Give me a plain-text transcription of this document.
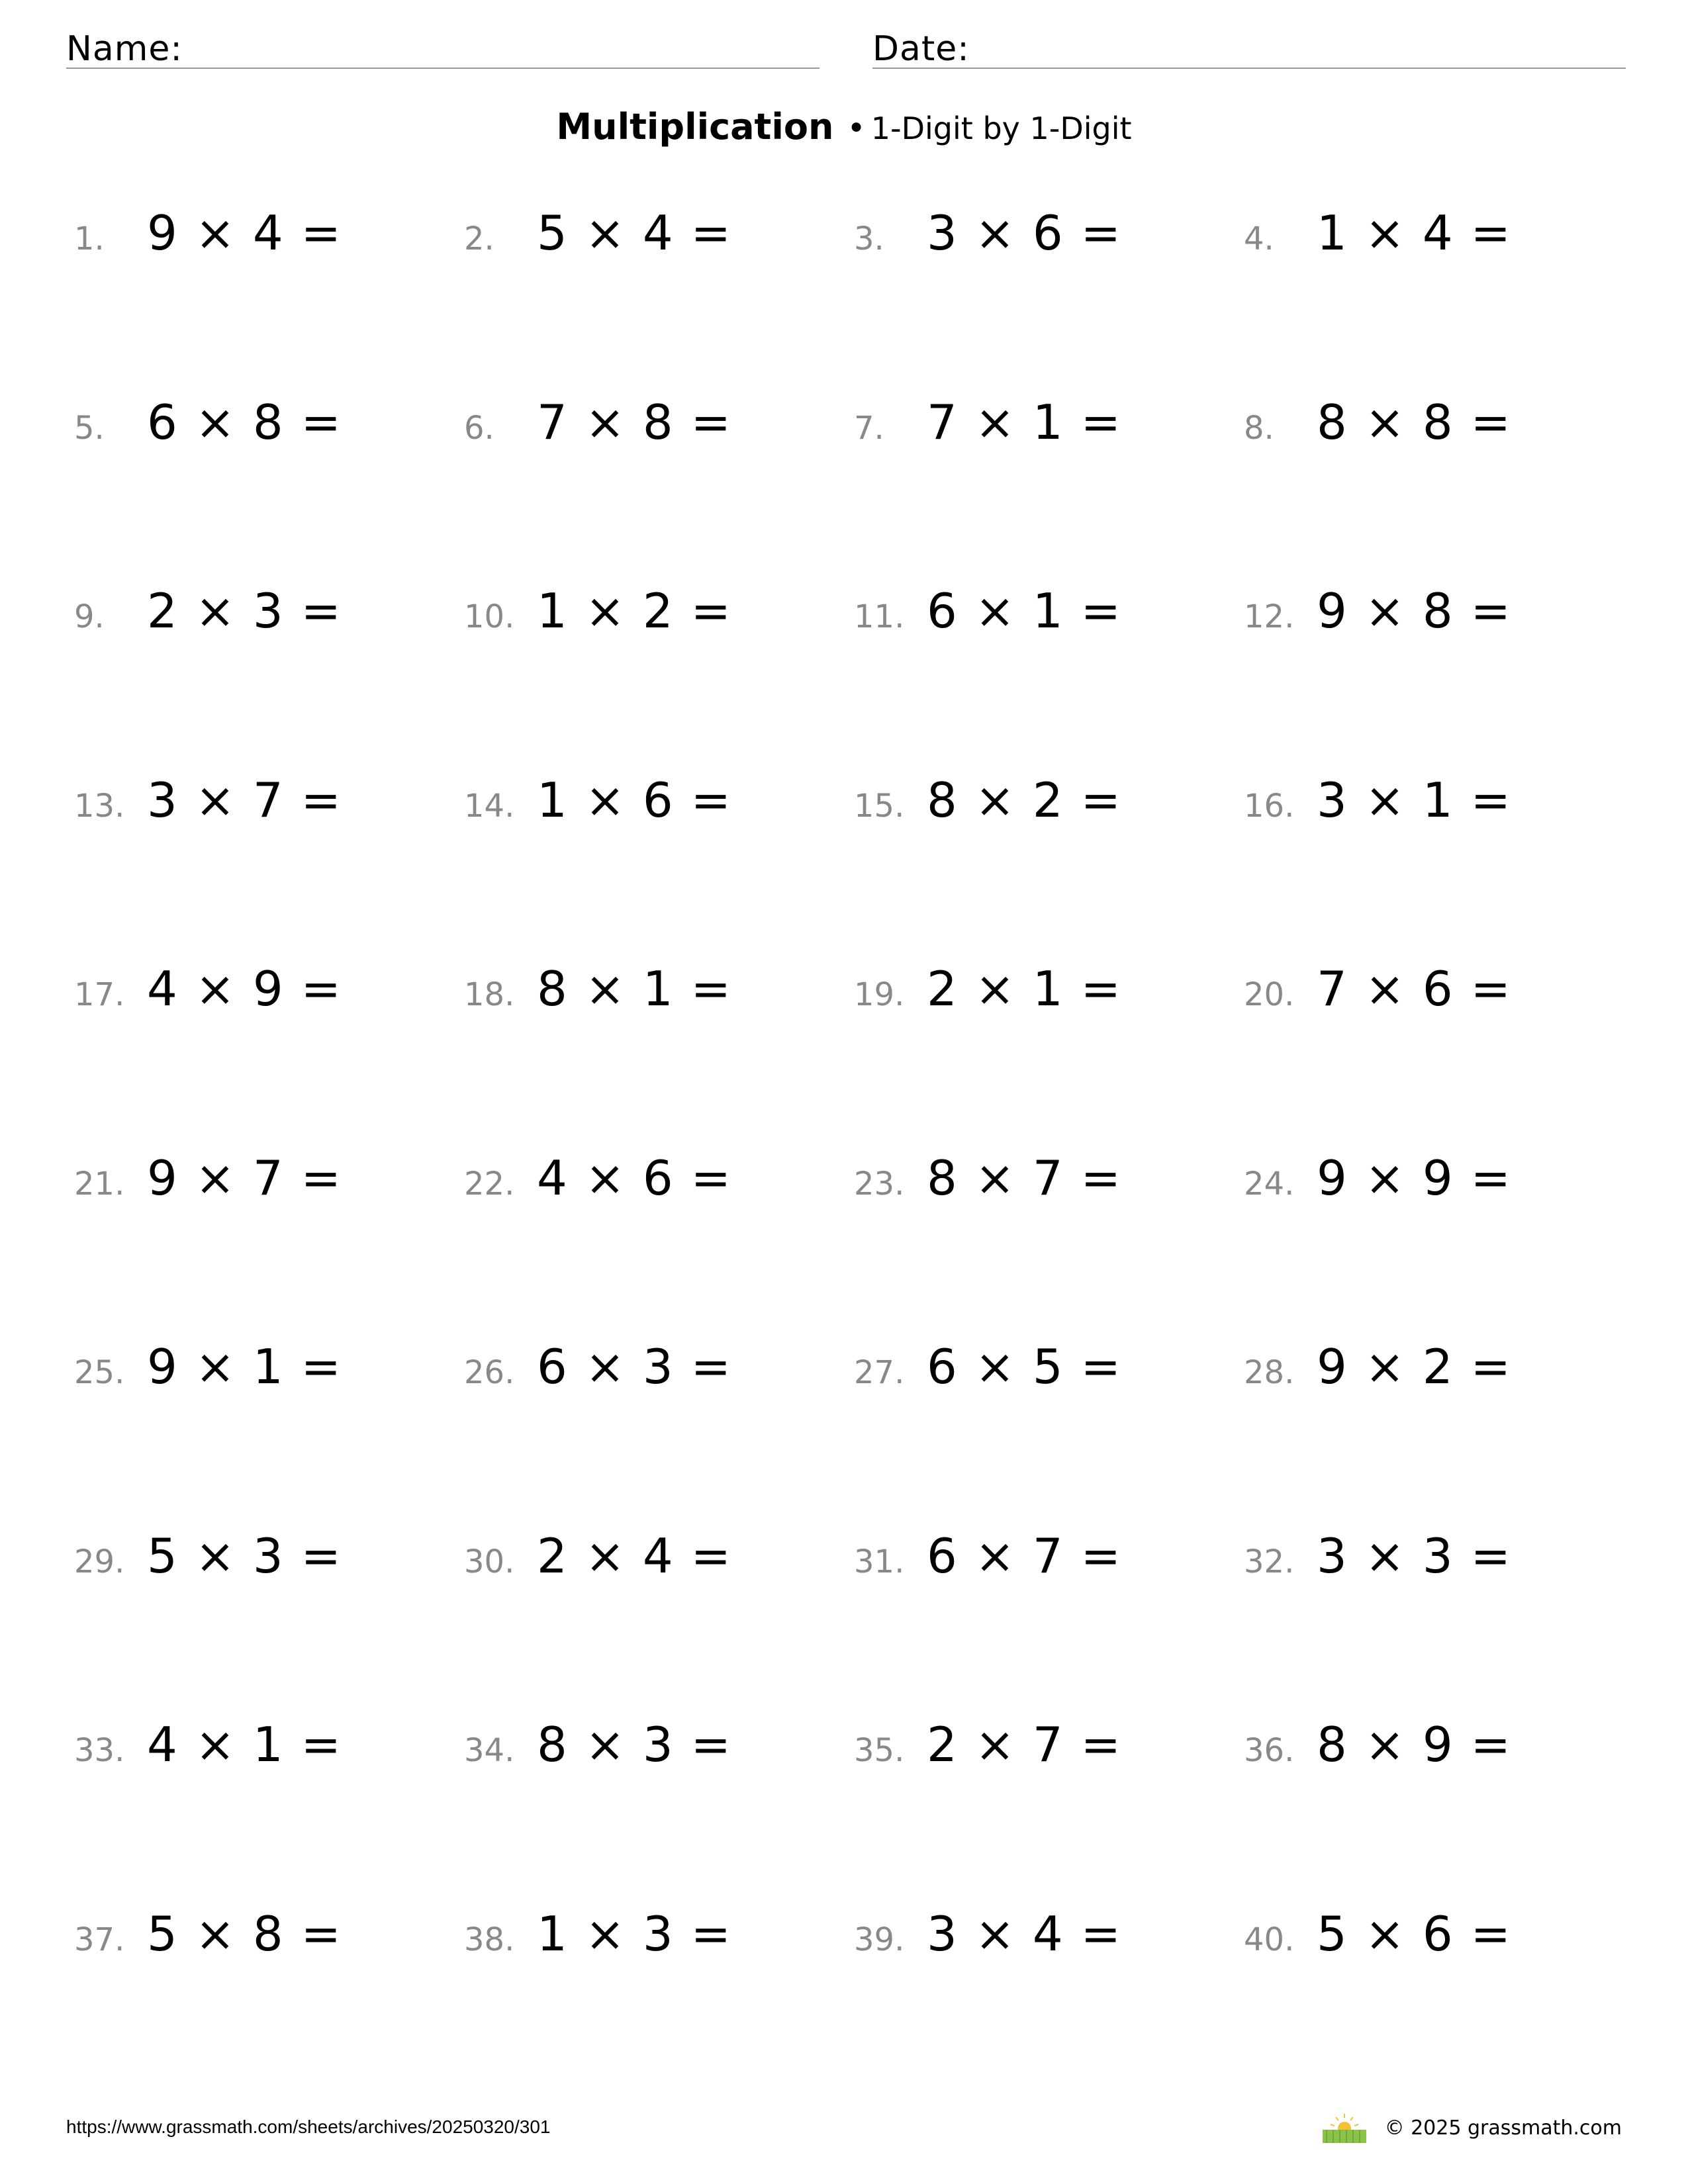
Name:	Date:
Multiplication • 1-Digit by 1-Digit
1. 9 × 4 =	2. 5 × 4 =	3. 3 × 6 =	4. 1 × 4 =
5. 6 × 8 =	6. 7 × 8 =	7. 7 × 1 =	8. 8 × 8 =
9. 2 × 3 =	10. 1 × 2 =	11. 6 × 1 =	12. 9 × 8 =
13. 3 × 7 =	14. 1 × 6 =	15. 8 × 2 =	16. 3 × 1 =
17. 4 × 9 =	18. 8 × 1 =	19. 2 × 1 =	20. 7 × 6 =
21. 9 × 7 =	22. 4 × 6 =	23. 8 × 7 =	24. 9 × 9 =
25. 9 × 1 =	26. 6 × 3 =	27. 6 × 5 =	28. 9 × 2 =
29. 5 × 3 =	30. 2 × 4 =	31. 6 × 7 =	32. 3 × 3 =
33. 4 × 1 =	34. 8 × 3 =	35. 2 × 7 =	36. 8 × 9 =
37. 5 × 8 =	38. 1 × 3 =	39. 3 × 4 =	40. 5 × 6 =
https://www.grassmath.com/sheets/archives/20250320/301	© 2025 grassmath.com
